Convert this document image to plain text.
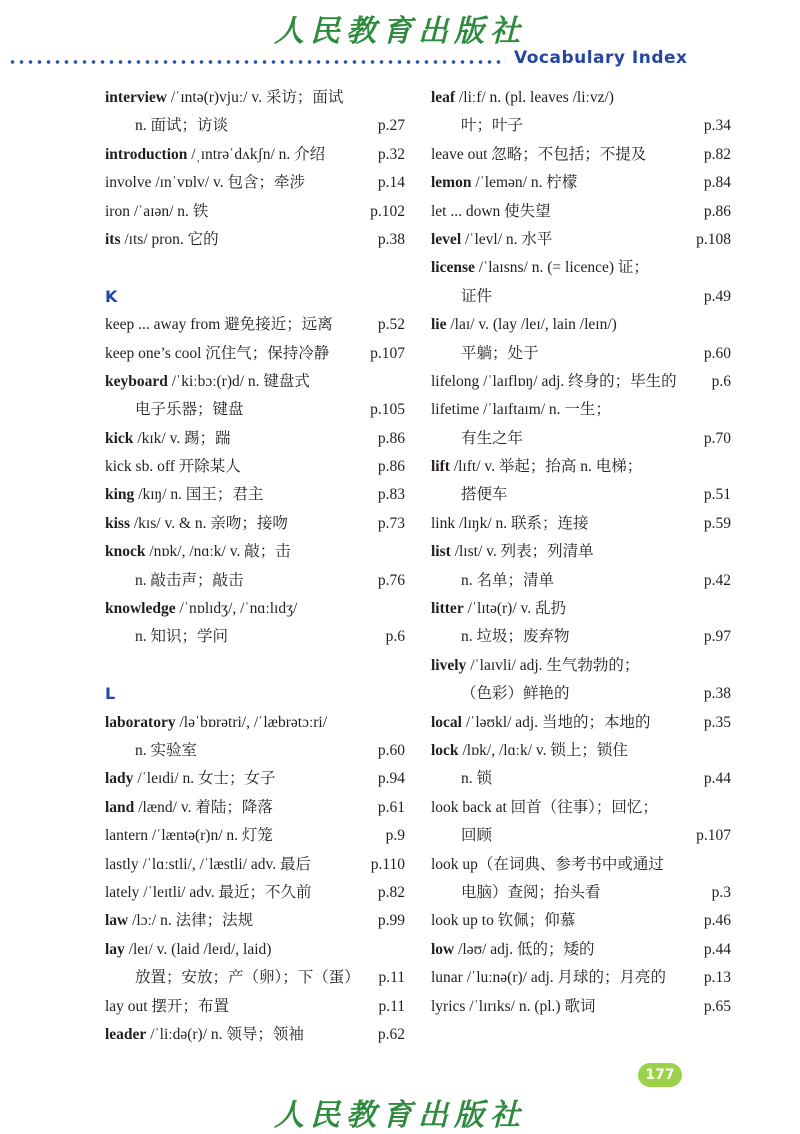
人民教育出版社
Vocabulary Index
interview /ˈɪntə(r)vjuː/ v. 采访；面试
n. 面试；访谈	p.27
introduction /ˌɪntrəˈdʌkʃn/ n. 介绍	p.32
involve /ɪnˈvɒlv/ v. 包含；牵涉	p.14
iron /ˈaɪən/ n. 铁	p.102
its /ɪts/ pron. 它的	p.38
K
keep ... away from 避免接近；远离	p.52
keep one’s cool 沉住气；保持冷静	p.107
keyboard /ˈkiːbɔː(r)d/ n. 键盘式
电子乐器；键盘	p.105
kick /kɪk/ v. 踢；踹	p.86
kick sb. off 开除某人	p.86
king /kɪŋ/ n. 国王；君主	p.83
kiss /kɪs/ v. & n. 亲吻；接吻	p.73
knock /nɒk/, /nɑːk/ v. 敲；击
n. 敲击声；敲击	p.76
knowledge /ˈnɒlɪdʒ/, /ˈnɑːlɪdʒ/
n. 知识；学问	p.6
L
laboratory /ləˈbɒrətri/, /ˈlæbrətɔːri/
n. 实验室	p.60
lady /ˈleɪdi/ n. 女士；女子	p.94
land /lænd/ v. 着陆；降落	p.61
lantern /ˈlæntə(r)n/ n. 灯笼	p.9
lastly /ˈlɑːstli/, /ˈlæstli/ adv. 最后	p.110
lately /ˈleɪtli/ adv. 最近；不久前	p.82
law /lɔː/ n. 法律；法规	p.99
lay /leɪ/ v. (laid /leɪd/, laid)
放置；安放；产（卵）；下（蛋） p.11
lay out 摆开；布置	p.11
leader /ˈliːdə(r)/ n. 领导；领袖	p.62
leaf /liːf/ n. (pl. leaves /liːvz/)
叶；叶子	p.34
leave out 忽略；不包括；不提及	p.82
lemon /ˈlemən/ n. 柠檬	p.84
let ... down 使失望	p.86
level /ˈlevl/ n. 水平	p.108
license /ˈlaɪsns/ n. (= licence) 证；
证件	p.49
lie /laɪ/ v. (lay /leɪ/, lain /leɪn/)
平躺；处于	p.60
lifelong /ˈlaɪflɒŋ/ adj. 终身的；毕生的 p.6
lifetime /ˈlaɪftaɪm/ n. 一生；
有生之年	p.70
lift /lɪft/ v. 举起；抬高 n. 电梯；
搭便车	p.51
link /lɪŋk/ n. 联系；连接	p.59
list /lɪst/ v. 列表；列清单
n. 名单；清单	p.42
litter /ˈlɪtə(r)/ v. 乱扔
n. 垃圾；废弃物	p.97
lively /ˈlaɪvli/ adj. 生气勃勃的；
（色彩）鲜艳的	p.38
local /ˈləʊkl/ adj. 当地的；本地的	p.35
lock /lɒk/, /lɑːk/ v. 锁上；锁住
n. 锁	p.44
look back at 回首（往事）；回忆；
回顾	p.107
look up（在词典、参考书中或通过
电脑）查阅；抬头看	p.3
look up to 钦佩；仰慕	p.46
low /ləʊ/ adj. 低的；矮的	p.44
lunar /ˈluːnə(r)/ adj. 月球的；月亮的 p.13
lyrics /ˈlɪrɪks/ n. (pl.) 歌词	p.65
177
人民教育出版社
